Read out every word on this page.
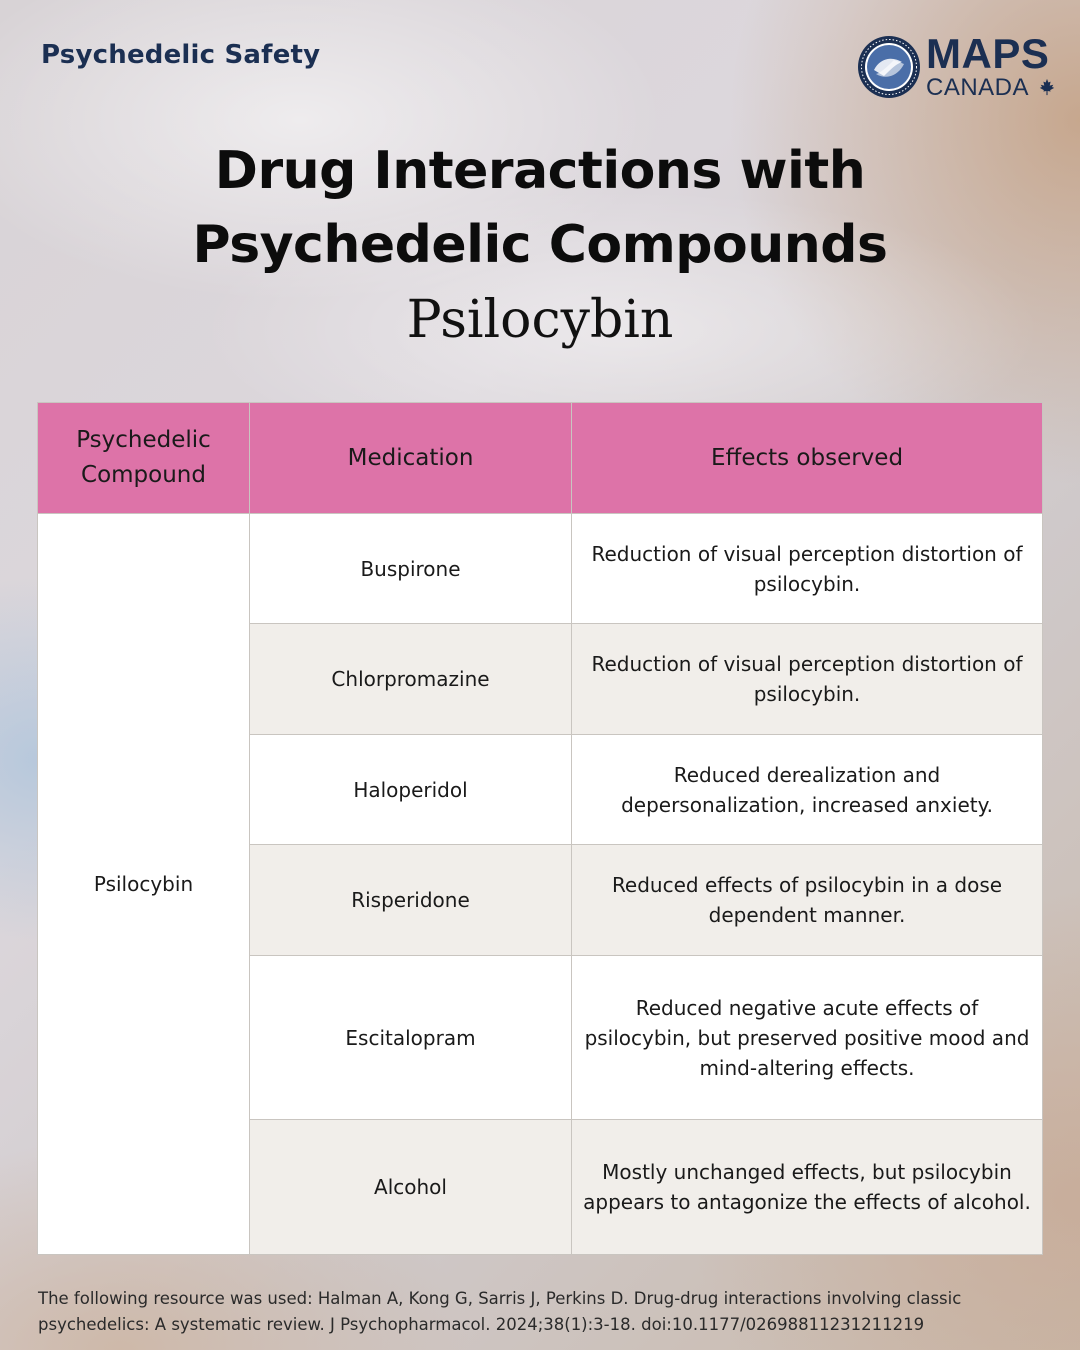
Psychedelic Safety	MAPS
CANADA
Drug Interactions with
Psychedelic Compounds
Psilocybin
Psychedelic Compound	Medication	Effects observed
Psilocybin	Buspirone	Reduction of visual perception distortion of psilocybin.
	Chlorpromazine	Reduction of visual perception distortion of psilocybin.
	Haloperidol	Reduced derealization and depersonalization, increased anxiety.
	Risperidone	Reduced effects of psilocybin in a dose dependent manner.
	Escitalopram	Reduced negative acute effects of psilocybin, but preserved positive mood and mind-altering effects.
	Alcohol	Mostly unchanged effects, but psilocybin appears to antagonize the effects of alcohol.
The following resource was used: Halman A, Kong G, Sarris J, Perkins D. Drug-drug interactions involving classic psychedelics: A systematic review. J Psychopharmacol. 2024;38(1):3-18. doi:10.1177/02698811231211219
